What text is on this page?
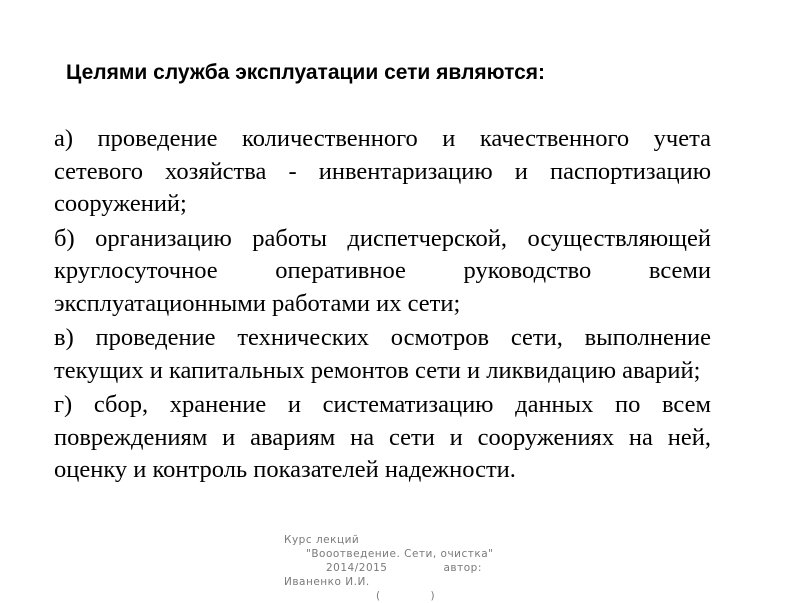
Целями служба эксплуатации сети являются:

а) проведение количественного и качественного учета сетевого хозяйства - инвентаризацию и паспортизацию сооружений;

б) организацию работы диспетчерской, осуществляющей круглосуточное оперативное руководство всеми эксплуатационными работами их сети;

в) проведение технических осмотров сети, выполнение текущих и капитальных ремонтов сети и ликвидацию аварий;

г) сбор, хранение и систематизацию данных по всем повреждениям и авариям на сети и сооружениях на ней, оценку и контроль показателей надежности.

Курс лекций
"Вооотведение. Сети, очистка"
2014/2015	автор:
Иваненко И.И.
(             )
